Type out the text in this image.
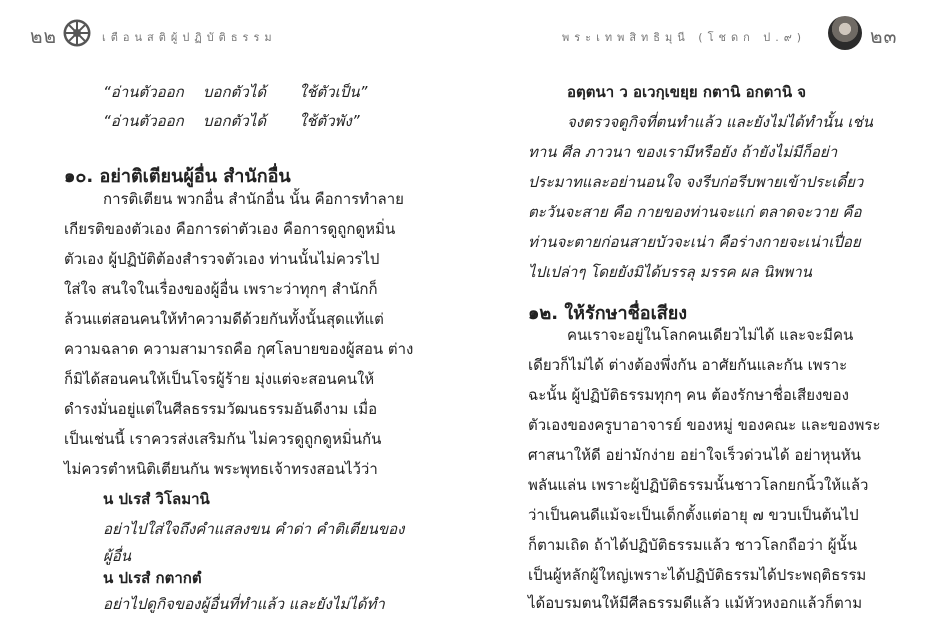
๒๒	เตือนสติผู้ปฏิบัติธรรม
“อ่านตัวออก บอกตัวได้ ใช้ตัวเป็น”
“อ่านตัวออก บอกตัวได้ ใช้ตัวพัง”
๑๐. อย่าติเตียนผู้อื่น สำนักอื่น
การติเตียน พวกอื่น สำนักอื่น นั้น คือการทำลาย
เกียรติของตัวเอง คือการด่าตัวเอง คือการดูถูกดูหมิ่น
ตัวเอง ผู้ปฏิบัติต้องสำรวจตัวเอง ท่านนั้นไม่ควรไป
ใส่ใจ สนใจในเรื่องของผู้อื่น เพราะว่าทุกๆ สำนักก็
ล้วนแต่สอนคนให้ทำความดีด้วยกันทั้งนั้นสุดแท้แต่
ความฉลาด ความสามารถคือ กุศโลบายของผู้สอน ต่าง
ก็มิได้สอนคนให้เป็นโจรผู้ร้าย มุ่งแต่จะสอนคนให้
ดำรงมั่นอยู่แต่ในศีลธรรมวัฒนธรรมอันดีงาม เมื่อ
เป็นเช่นนี้ เราควรส่งเสริมกัน ไม่ควรดูถูกดูหมิ่นกัน
ไม่ควรตำหนิติเตียนกัน พระพุทธเจ้าทรงสอนไว้ว่า
น ปเรสํ วิโลมานิ
อย่าไปใส่ใจถึงคำแสลงขน คำด่า คำติเตียนของ
ผู้อื่น
น ปเรสํ กตากตํ
อย่าไปดูกิจของผู้อื่นที่ทำแล้ว และยังไม่ได้ทำ
พระเทพสิทธิมุนี (โชดก ป.๙)	๒๓
อตฺตนา ว อเวกฺเขยฺย กตานิ อกตานิ จ
จงตรวจดูกิจที่ตนทำแล้ว และยังไม่ได้ทำนั้น เช่น
ทาน ศีล ภาวนา ของเรามีหรือยัง ถ้ายังไม่มีก็อย่า
ประมาทและอย่านอนใจ จงรีบก่อรีบพายเข้าประเดี๋ยว
ตะวันจะสาย คือ กายของท่านจะแก่ ตลาดจะวาย คือ
ท่านจะตายก่อนสายบัวจะเน่า คือร่างกายจะเน่าเปื่อย
ไปเปล่าๆ โดยยังมิได้บรรลุ มรรค ผล นิพพาน
๑๒. ให้รักษาชื่อเสียง
คนเราจะอยู่ในโลกคนเดียวไม่ได้ และจะมีคน
เดียวก็ไม่ได้ ต่างต้องพึ่งกัน อาศัยกันและกัน เพราะ
ฉะนั้น ผู้ปฏิบัติธรรมทุกๆ คน ต้องรักษาชื่อเสียงของ
ตัวเองของครูบาอาจารย์ ของหมู่ ของคณะ และของพระ
ศาสนาให้ดี อย่ามักง่าย อย่าใจเร็วด่วนได้ อย่าหุนหัน
พลันแล่น เพราะผู้ปฏิบัติธรรมนั้นชาวโลกยกนิ้วให้แล้ว
ว่าเป็นคนดีแม้จะเป็นเด็กตั้งแต่อายุ ๗ ขวบเป็นต้นไป
ก็ตามเถิด ถ้าได้ปฏิบัติธรรมแล้ว ชาวโลกถือว่า ผู้นั้น
เป็นผู้หลักผู้ใหญ่เพราะได้ปฏิบัติธรรมได้ประพฤติธรรม
ได้อบรมตนให้มีศีลธรรมดีแล้ว แม้หัวหงอกแล้วก็ตาม
